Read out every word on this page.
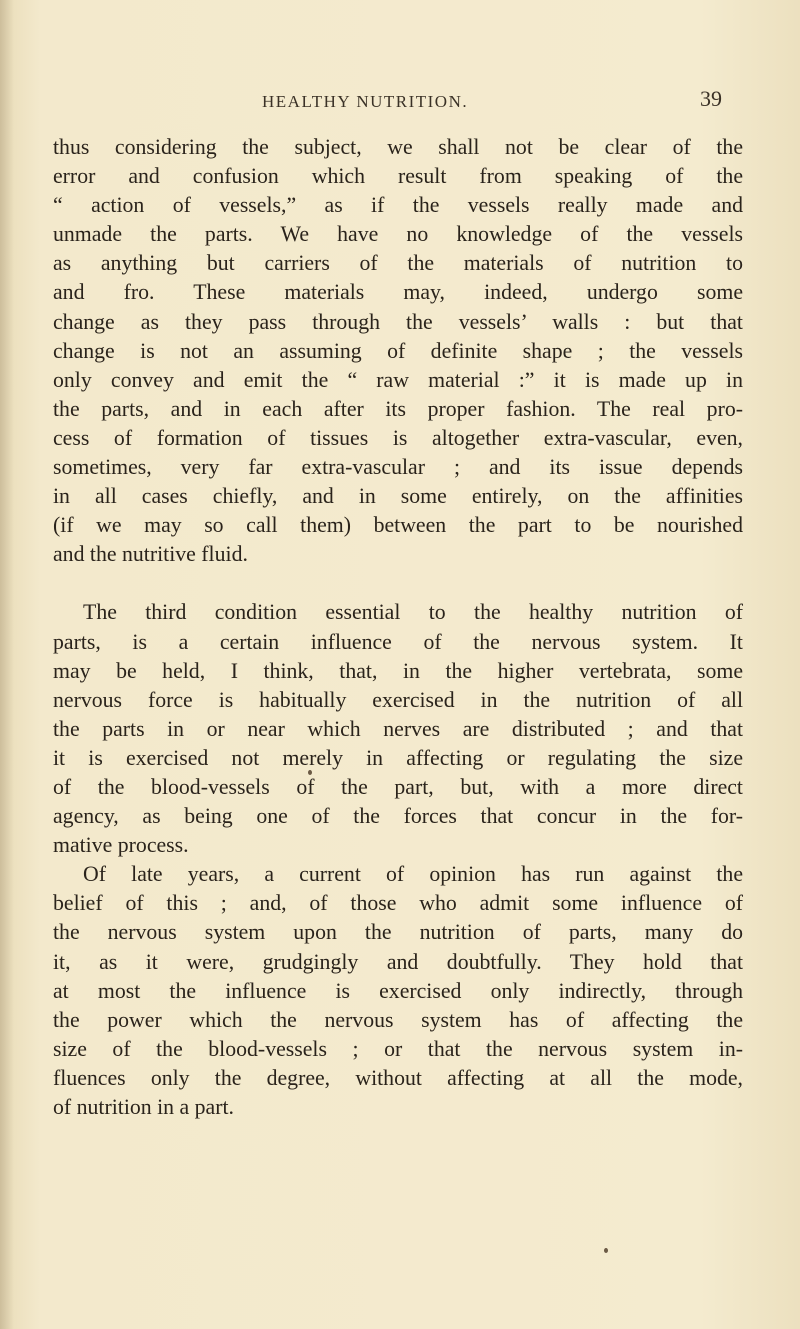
HEALTHY NUTRITION.	39

thus considering the subject, we shall not be clear of the
error and confusion which result from speaking of the
“ action of vessels,” as if the vessels really made and
unmade the parts. We have no knowledge of the vessels
as anything but carriers of the materials of nutrition to
and fro. These materials may, indeed, undergo some
change as they pass through the vessels’ walls : but that
change is not an assuming of definite shape ; the vessels
only convey and emit the “ raw material :” it is made up in
the parts, and in each after its proper fashion. The real pro-
cess of formation of tissues is altogether extra-vascular, even,
sometimes, very far extra-vascular ; and its issue depends
in all cases chiefly, and in some entirely, on the affinities
(if we may so call them) between the part to be nourished
and the nutritive fluid.

The third condition essential to the healthy nutrition of
parts, is a certain influence of the nervous system. It
may be held, I think, that, in the higher vertebrata, some
nervous force is habitually exercised in the nutrition of all
the parts in or near which nerves are distributed ; and that
it is exercised not merely in affecting or regulating the size
of the blood-vessels of the part, but, with a more direct
agency, as being one of the forces that concur in the for-
mative process.

Of late years, a current of opinion has run against the
belief of this ; and, of those who admit some influence of
the nervous system upon the nutrition of parts, many do
it, as it were, grudgingly and doubtfully. They hold that
at most the influence is exercised only indirectly, through
the power which the nervous system has of affecting the
size of the blood-vessels ; or that the nervous system in-
fluences only the degree, without affecting at all the mode,
of nutrition in a part.
